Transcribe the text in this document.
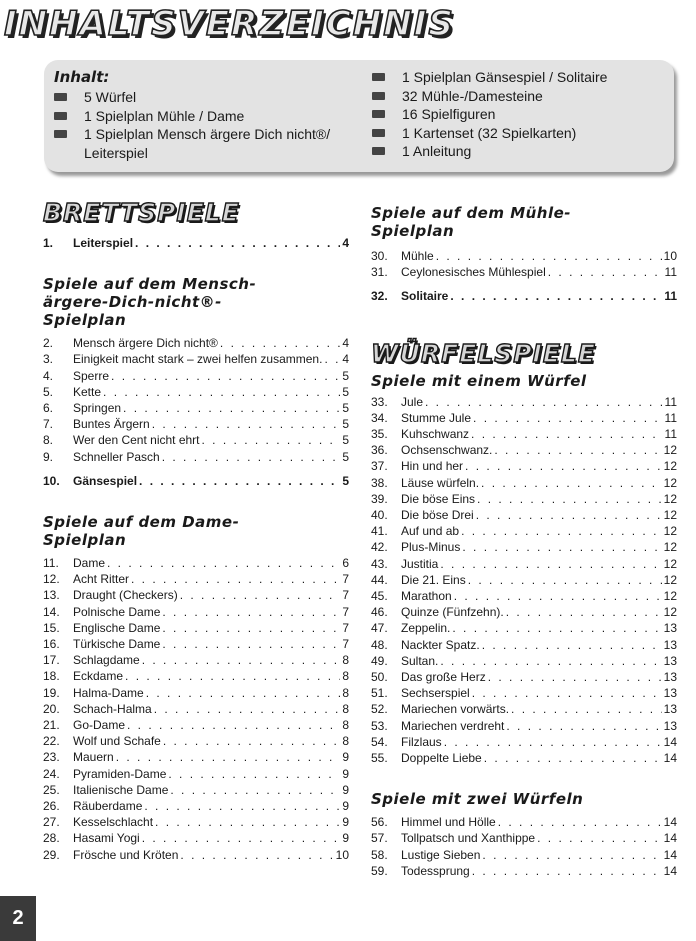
INHALTSVERZEICHNIS
Inhalt:
5 Würfel
1 Spielplan Mühle / Dame
1 Spielplan Mensch ärgere Dich nicht®/ Leiterspiel
1 Spielplan Gänsespiel / Solitaire
32 Mühle-/Damesteine
16 Spielfiguren
1 Kartenset (32 Spielkarten)
1 Anleitung
BRETTSPIELE
1.	Leiterspiel . . .	4
Spiele auf dem Mensch-ärgere-Dich-nicht®-Spielplan
2.	Mensch ärgere Dich nicht® . . .	4
3.	Einigkeit macht stark – zwei helfen zusammen. . . . 4
4.	Sperre . . .	5
5.	Kette . . .	5
6.	Springen . . .	5
7.	Buntes Ärgern . . .	5
8.	Wer den Cent nicht ehrt . . .	5
9.	Schneller Pasch . . .	5
10.	Gänsespiel . . .	5
Spiele auf dem Dame-Spielplan
11.	Dame . . .	6
12.	Acht Ritter . . .	7
13.	Draught (Checkers) . . .	7
14.	Polnische Dame . . .	7
15.	Englische Dame . . .	7
16.	Türkische Dame . . .	7
17.	Schlagdame . . .	8
18.	Eckdame . . .	8
19.	Halma-Dame . . .	8
20.	Schach-Halma . . .	8
21.	Go-Dame . . .	8
22.	Wolf und Schafe . . .	8
23.	Mauern . . .	9
24.	Pyramiden-Dame . . .	9
25.	Italienische Dame . . .	9
26.	Räuberdame . . .	9
27.	Kesselschlacht . . .	9
28.	Hasami Yogi . . .	9
29.	Frösche und Kröten . . .	10
Spiele auf dem Mühle-Spielplan
30.	Mühle . . .	10
31.	Ceylonesisches Mühlespiel . . .	11
32.	Solitaire . . .	11
WÜRFELSPIELE
Spiele mit einem Würfel
33.	Jule . . .	11
34.	Stumme Jule . . .	11
35.	Kuhschwanz . . .	11
36.	Ochsenschwanz. . . .	12
37.	Hin und her . . .	12
38.	Läuse würfeln. . . .	12
39.	Die böse Eins . . .	12
40.	Die böse Drei . . .	12
41.	Auf und ab . . .	12
42.	Plus-Minus . . .	12
43.	Justitia . . .	12
44.	Die 21. Eins . . .	12
45.	Marathon . . .	12
46.	Quinze (Fünfzehn). . . .	12
47.	Zeppelin. . . .	13
48.	Nackter Spatz. . . .	13
49.	Sultan. . . .	13
50.	Das große Herz . . .	13
51.	Sechserspiel . . .	13
52.	Mariechen vorwärts. . . .	13
53.	Mariechen verdreht . . .	13
54.	Filzlaus . . .	14
55.	Doppelte Liebe . . .	14
Spiele mit zwei Würfeln
56.	Himmel und Hölle . . .	14
57.	Tollpatsch und Xanthippe . . .	14
58.	Lustige Sieben . . .	14
59.	Todessprung . . .	14
2
